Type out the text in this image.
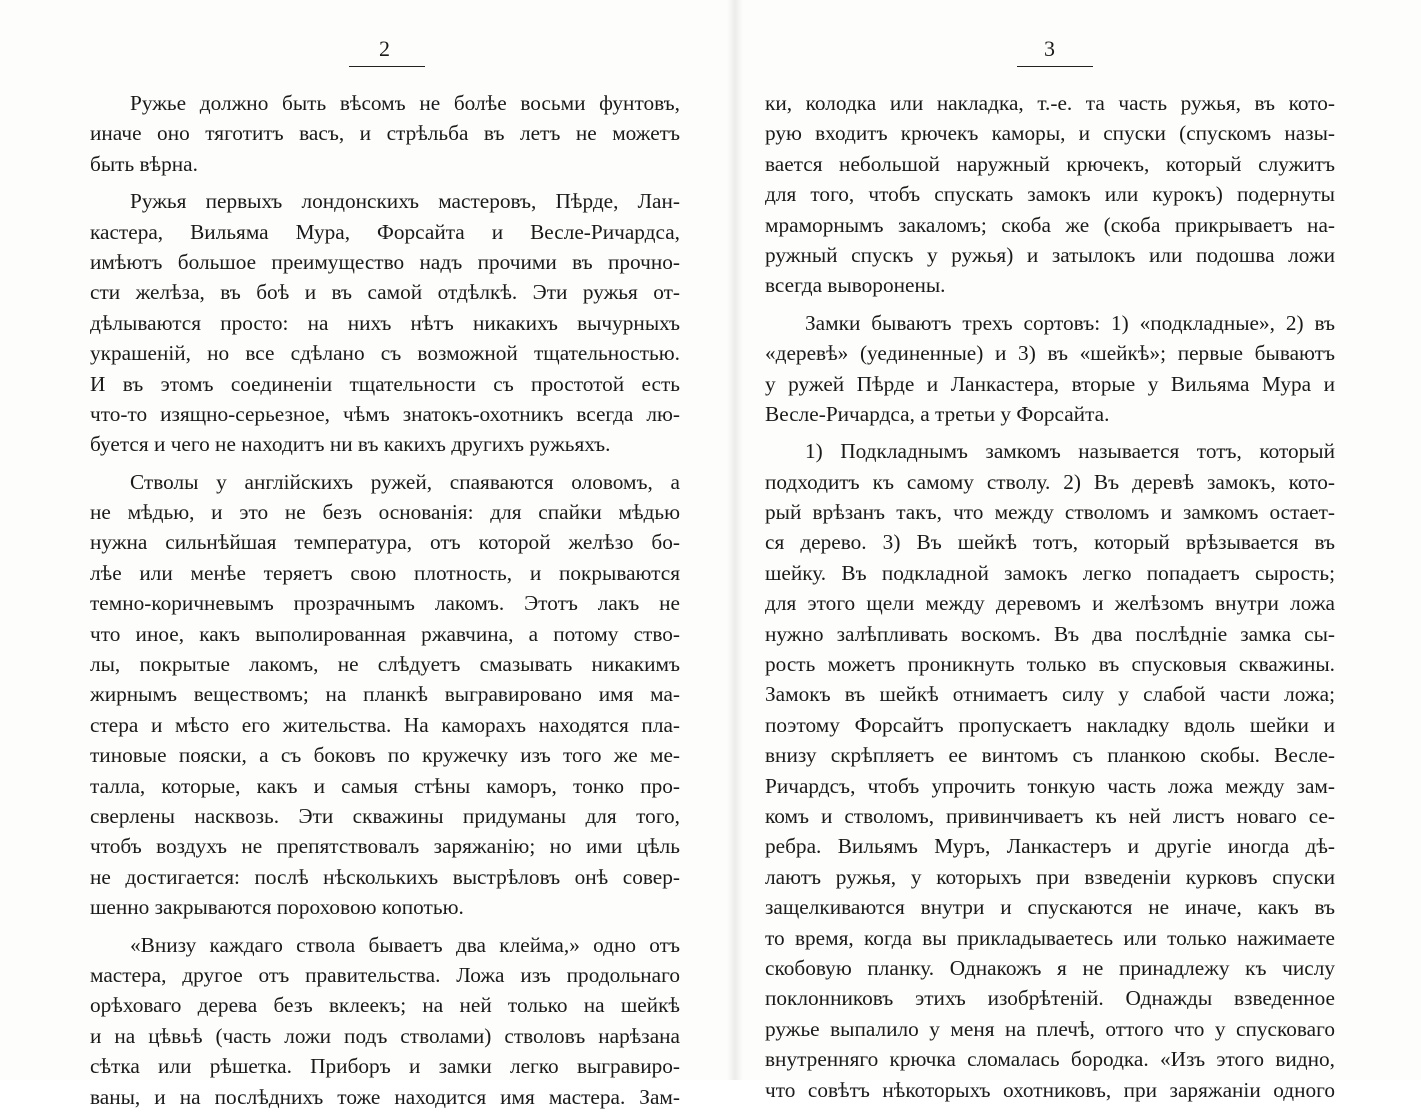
2
Ружье должно быть вѣсомъ не болѣе восьми фунтовъ,
иначе оно тяготитъ васъ, и стрѣльба въ летъ не можетъ
быть вѣрна.
Ружья первыхъ лондонскихъ мастеровъ, Пѣрде, Лан-
кастера, Вильяма Мура, Форсайта и Весле-Ричардса,
имѣютъ большое преимущество надъ прочими въ прочно-
сти желѣза, въ боѣ и въ самой отдѣлкѣ. Эти ружья от-
дѣлываются просто: на нихъ нѣтъ никакихъ вычурныхъ
украшенiй, но все сдѣлано съ возможной тщательностью.
И въ этомъ соединенiи тщательности съ простотой есть
что-то изящно-серьезное, чѣмъ знатокъ-охотникъ всегда лю-
буется и чего не находитъ ни въ какихъ другихъ ружьяхъ.
Стволы у англiйскихъ ружей, спаяваются оловомъ, а
не мѣдью, и это не безъ основанiя: для спайки мѣдью
нужна сильнѣйшая температура, отъ которой желѣзо бо-
лѣе или менѣе теряетъ свою плотность, и покрываются
темно-коричневымъ прозрачнымъ лакомъ. Этотъ лакъ не
что иное, какъ выполированная ржавчина, а потому ство-
лы, покрытые лакомъ, не слѣдуетъ смазывать никакимъ
жирнымъ веществомъ; на планкѣ выгравировано имя ма-
стера и мѣсто его жительства. На каморахъ находятся пла-
тиновые пояски, а съ боковъ по кружечку изъ того же ме-
талла, которые, какъ и самыя стѣны каморъ, тонко про-
сверлены насквозь. Эти скважины придуманы для того,
чтобъ воздухъ не препятствовалъ заряжанiю; но ими цѣль
не достигается: послѣ нѣсколькихъ выстрѣловъ онѣ совер-
шенно закрываются пороховою копотью.
«Внизу каждаго ствола бываетъ два клейма,» одно отъ
мастера, другое отъ правительства. Ложа изъ продольнаго
орѣховаго дерева безъ вклеекъ; на ней только на шейкѣ
и на цѣвьѣ (часть ложи подъ стволами) стволовъ нарѣзана
сѣтка или рѣшетка. Приборъ и замки легко выгравиро-
ваны, и на послѣднихъ тоже находится имя мастера. Зам-
3
ки, колодка или накладка, т.-е. та часть ружья, въ кото-
рую входитъ крючекъ каморы, и спуски (спускомъ назы-
вается небольшой наружный крючекъ, который служитъ
для того, чтобъ спускать замокъ или курокъ) подернуты
мраморнымъ закаломъ; скоба же (скоба прикрываетъ на-
ружный спускъ у ружья) и затылокъ или подошва ложи
всегда выворонены.
Замки бываютъ трехъ сортовъ: 1) «подкладные», 2) въ
«деревѣ» (уединенные) и 3) въ «шейкѣ»; первые бываютъ
у ружей Пѣрде и Ланкастера, вторые у Вильяма Мура и
Весле-Ричардса, а третьи у Форсайта.
1) Подкладнымъ замкомъ называется тотъ, который
подходитъ къ самому стволу. 2) Въ деревѣ замокъ, кото-
рый врѣзанъ такъ, что между стволомъ и замкомъ остает-
ся дерево. 3) Въ шейкѣ тотъ, который врѣзывается въ
шейку. Въ подкладной замокъ легко попадаетъ сырость;
для этого щели между деревомъ и желѣзомъ внутри ложа
нужно залѣпливать воскомъ. Въ два послѣднiе замка сы-
рость можетъ проникнуть только въ спусковыя скважины.
Замокъ въ шейкѣ отнимаетъ силу у слабой части ложа;
поэтому Форсайтъ пропускаетъ накладку вдоль шейки и
внизу скрѣпляетъ ее винтомъ съ планкою скобы. Весле-
Ричардсъ, чтобъ упрочить тонкую часть ложа между зам-
комъ и стволомъ, привинчиваетъ къ ней листъ новаго се-
ребра. Вильямъ Муръ, Ланкастеръ и другiе иногда дѣ-
лаютъ ружья, у которыхъ при взведенiи курковъ спуски
защелкиваются внутри и спускаются не иначе, какъ въ
то время, когда вы прикладываетесь или только нажимаете
скобовую планку. Однакожъ я не принадлежу къ числу
поклонниковъ этихъ изобрѣтенiй. Однажды взведенное
ружье выпалило у меня на плечѣ, оттого что у спусковаго
внутренняго крючка сломалась бородка. «Изъ этого видно,
что совѣтъ нѣкоторыхъ охотниковъ, при заряжанiи одного
